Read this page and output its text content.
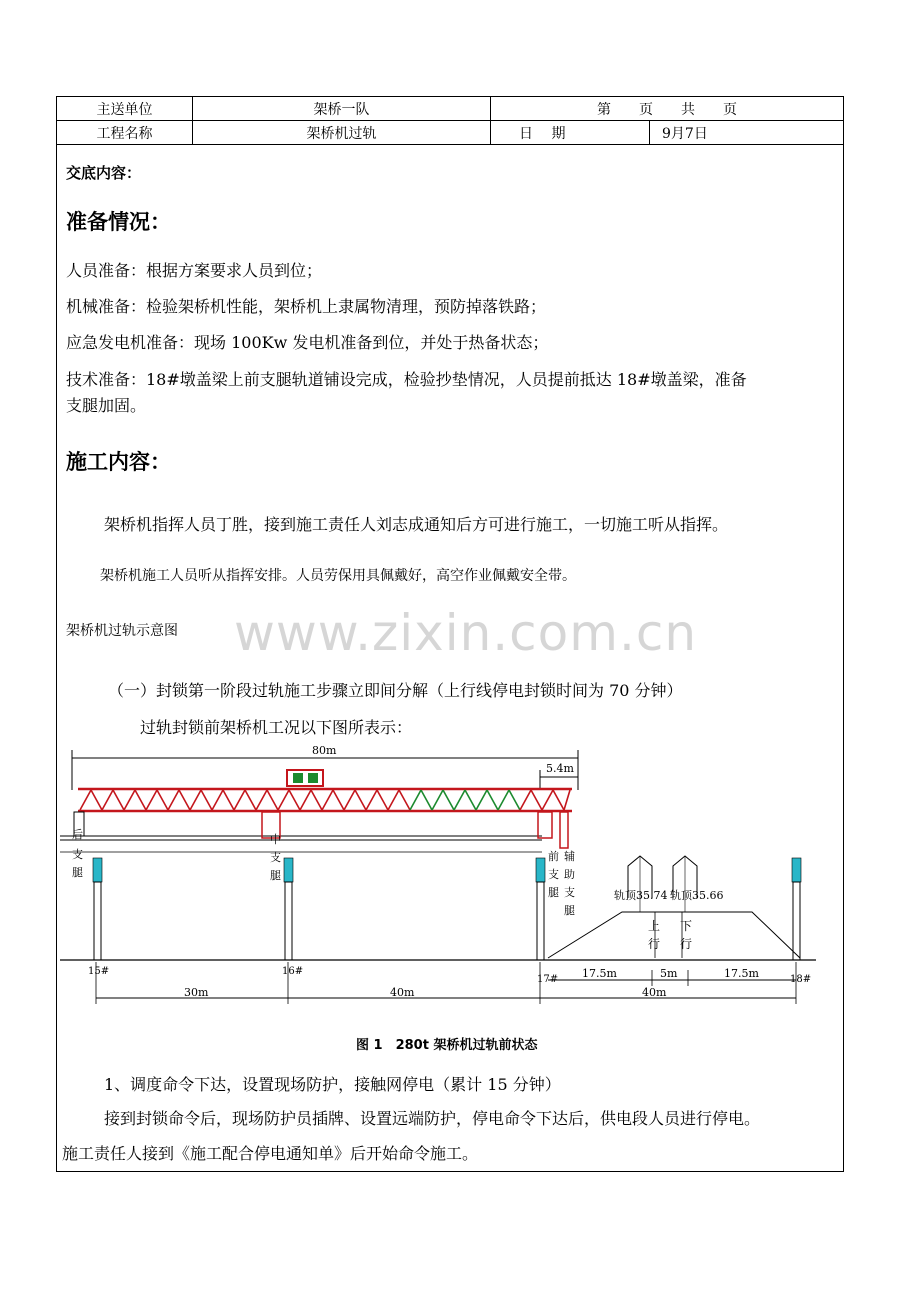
主送单位	架桥一队	第　　页　　共　　页	
工程名称	架桥机过轨	日　 期	9月7日
交底内容：
准备情况：
人员准备：根据方案要求人员到位；
机械准备：检验架桥机性能，架桥机上隶属物清理，预防掉落铁路；
应急发电机准备：现场 100Kw 发电机准备到位，并处于热备状态；
技术准备：18#墩盖梁上前支腿轨道铺设完成，检验抄垫情况，人员提前抵达 18#墩盖梁，准备
支腿加固。
施工内容：
架桥机指挥人员丁胜，接到施工责任人刘志成通知后方可进行施工，一切施工听从指挥。
架桥机施工人员听从指挥安排。人员劳保用具佩戴好，高空作业佩戴安全带。
架桥机过轨示意图 www.zixin.com.cn
（一）封锁第一阶段过轨施工步骤立即间分解（上行线停电封锁时间为 70 分钟）
过轨封锁前架桥机工况以下图所表示：
80m
5.4m
后
支
腿
中
支
腿
前
支
腿
辅
助
支
腿
轨顶35.74 轨顶35.66
上
行
下
行
15#	16#
17#	18#
30m	40m	40m
17.5m	5m	17.5m
图 1　280t 架桥机过轨前状态
1、调度命令下达，设置现场防护，接触网停电（累计 15 分钟）
接到封锁命令后，现场防护员插牌、设置远端防护，停电命令下达后，供电段人员进行停电。
施工责任人接到《施工配合停电通知单》后开始命令施工。
